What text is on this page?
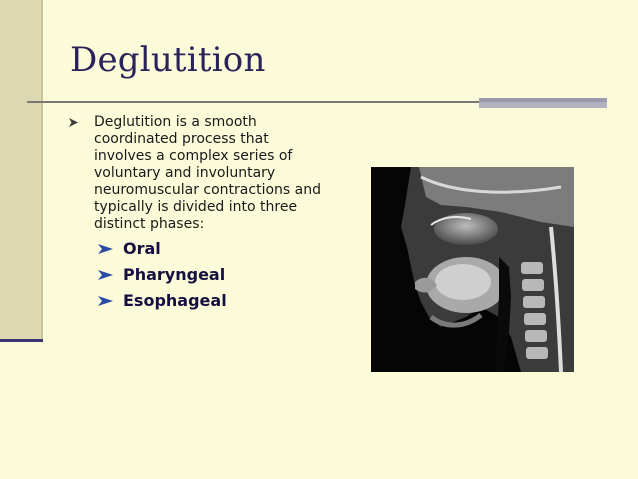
Deglutition
Deglutition is a smooth coordinated process that involves a complex series of voluntary and involuntary neuromuscular contractions and typically is divided into three distinct phases:
Oral
Pharyngeal
Esophageal
